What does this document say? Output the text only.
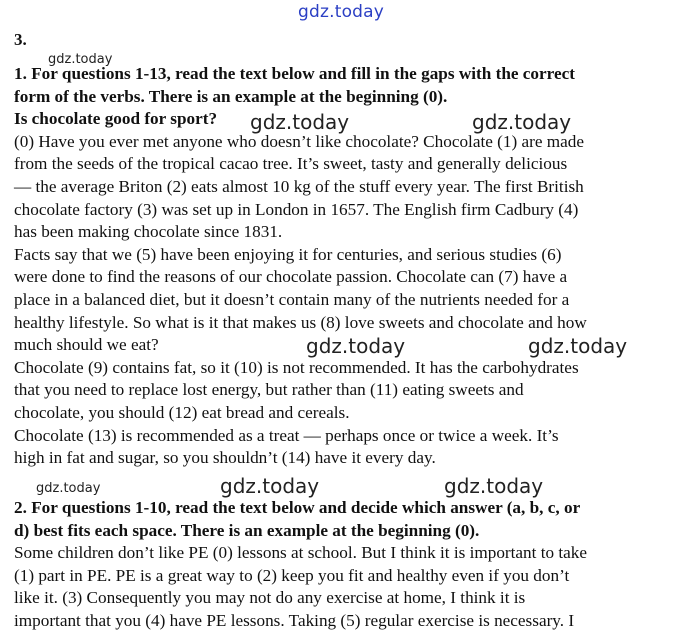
gdz.today
gdz.today
gdz.today	gdz.today
gdz.today	gdz.today
gdz.today	gdz.today	gdz.today
3.
1. For questions 1-13, read the text below and fill in the gaps with the correct
form of the verbs. There is an example at the beginning (0).
Is chocolate good for sport?
(0) Have you ever met anyone who doesn’t like chocolate? Chocolate (1) are made
from the seeds of the tropical cacao tree. It’s sweet, tasty and generally delicious
— the average Briton (2) eats almost 10 kg of the stuff every year. The first British
chocolate factory (3) was set up in London in 1657. The English firm Cadbury (4)
has been making chocolate since 1831.
Facts say that we (5) have been enjoying it for centuries, and serious studies (6)
were done to find the reasons of our chocolate passion. Chocolate can (7) have a
place in a balanced diet, but it doesn’t contain many of the nutrients needed for a
healthy lifestyle. So what is it that makes us (8) love sweets and chocolate and how
much should we eat?
Chocolate (9) contains fat, so it (10) is not recommended. It has the carbohydrates
that you need to replace lost energy, but rather than (11) eating sweets and
chocolate, you should (12) eat bread and cereals.
Chocolate (13) is recommended as a treat — perhaps once or twice a week. It’s
high in fat and sugar, so you shouldn’t (14) have it every day.
2. For questions 1-10, read the text below and decide which answer (a, b, c, or
d) best fits each space. There is an example at the beginning (0).
Some children don’t like PE (0) lessons at school. But I think it is important to take
(1) part in PE. PE is a great way to (2) keep you fit and healthy even if you don’t
like it. (3) Consequently you may not do any exercise at home, I think it is
important that you (4) have PE lessons. Taking (5) regular exercise is necessary. I
